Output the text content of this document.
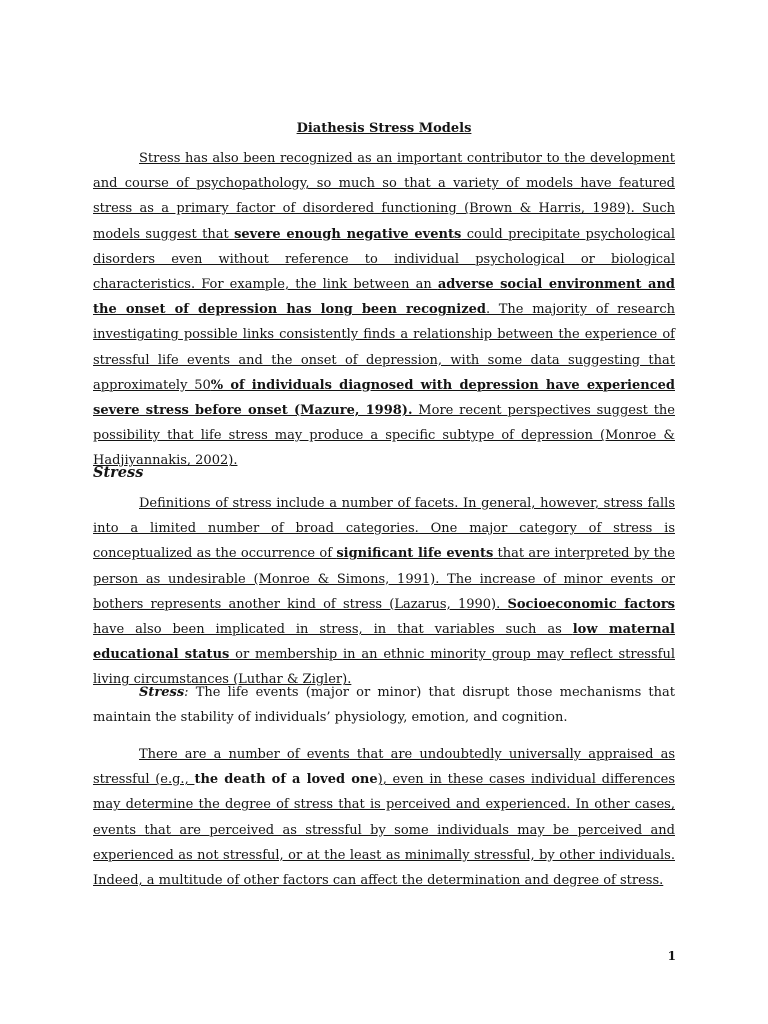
Diathesis Stress Models

Stress has also been recognized as an important contributor to the development and course of psychopathology, so much so that a variety of models have featured stress as a primary factor of disordered functioning (Brown & Harris, 1989). Such models suggest that severe enough negative events could precipitate psychological disorders even without reference to individual psychological or biological characteristics. For example, the link between an adverse social environment and the onset of depression has long been recognized. The majority of research investigating possible links consistently finds a relationship between the experience of stressful life events and the onset of depression, with some data suggesting that approximately 50% of individuals diagnosed with depression have experienced severe stress before onset (Mazure, 1998). More recent perspectives suggest the possibility that life stress may produce a specific subtype of depression (Monroe & Hadjiyannakis, 2002).

Stress

Definitions of stress include a number of facets. In general, however, stress falls into a limited number of broad categories. One major category of stress is conceptualized as the occurrence of significant life events that are interpreted by the person as undesirable (Monroe & Simons, 1991). The increase of minor events or bothers represents another kind of stress (Lazarus, 1990). Socioeconomic factors have also been implicated in stress, in that variables such as low maternal educational status or membership in an ethnic minority group may reflect stressful living circumstances (Luthar & Zigler).

Stress: The life events (major or minor) that disrupt those mechanisms that maintain the stability of individuals’ physiology, emotion, and cognition.

There are a number of events that are undoubtedly universally appraised as stressful (e.g., the death of a loved one), even in these cases individual differences may determine the degree of stress that is perceived and experienced. In other cases, events that are perceived as stressful by some individuals may be perceived and experienced as not stressful, or at the least as minimally stressful, by other individuals. Indeed, a multitude of other factors can affect the determination and degree of stress.

1
